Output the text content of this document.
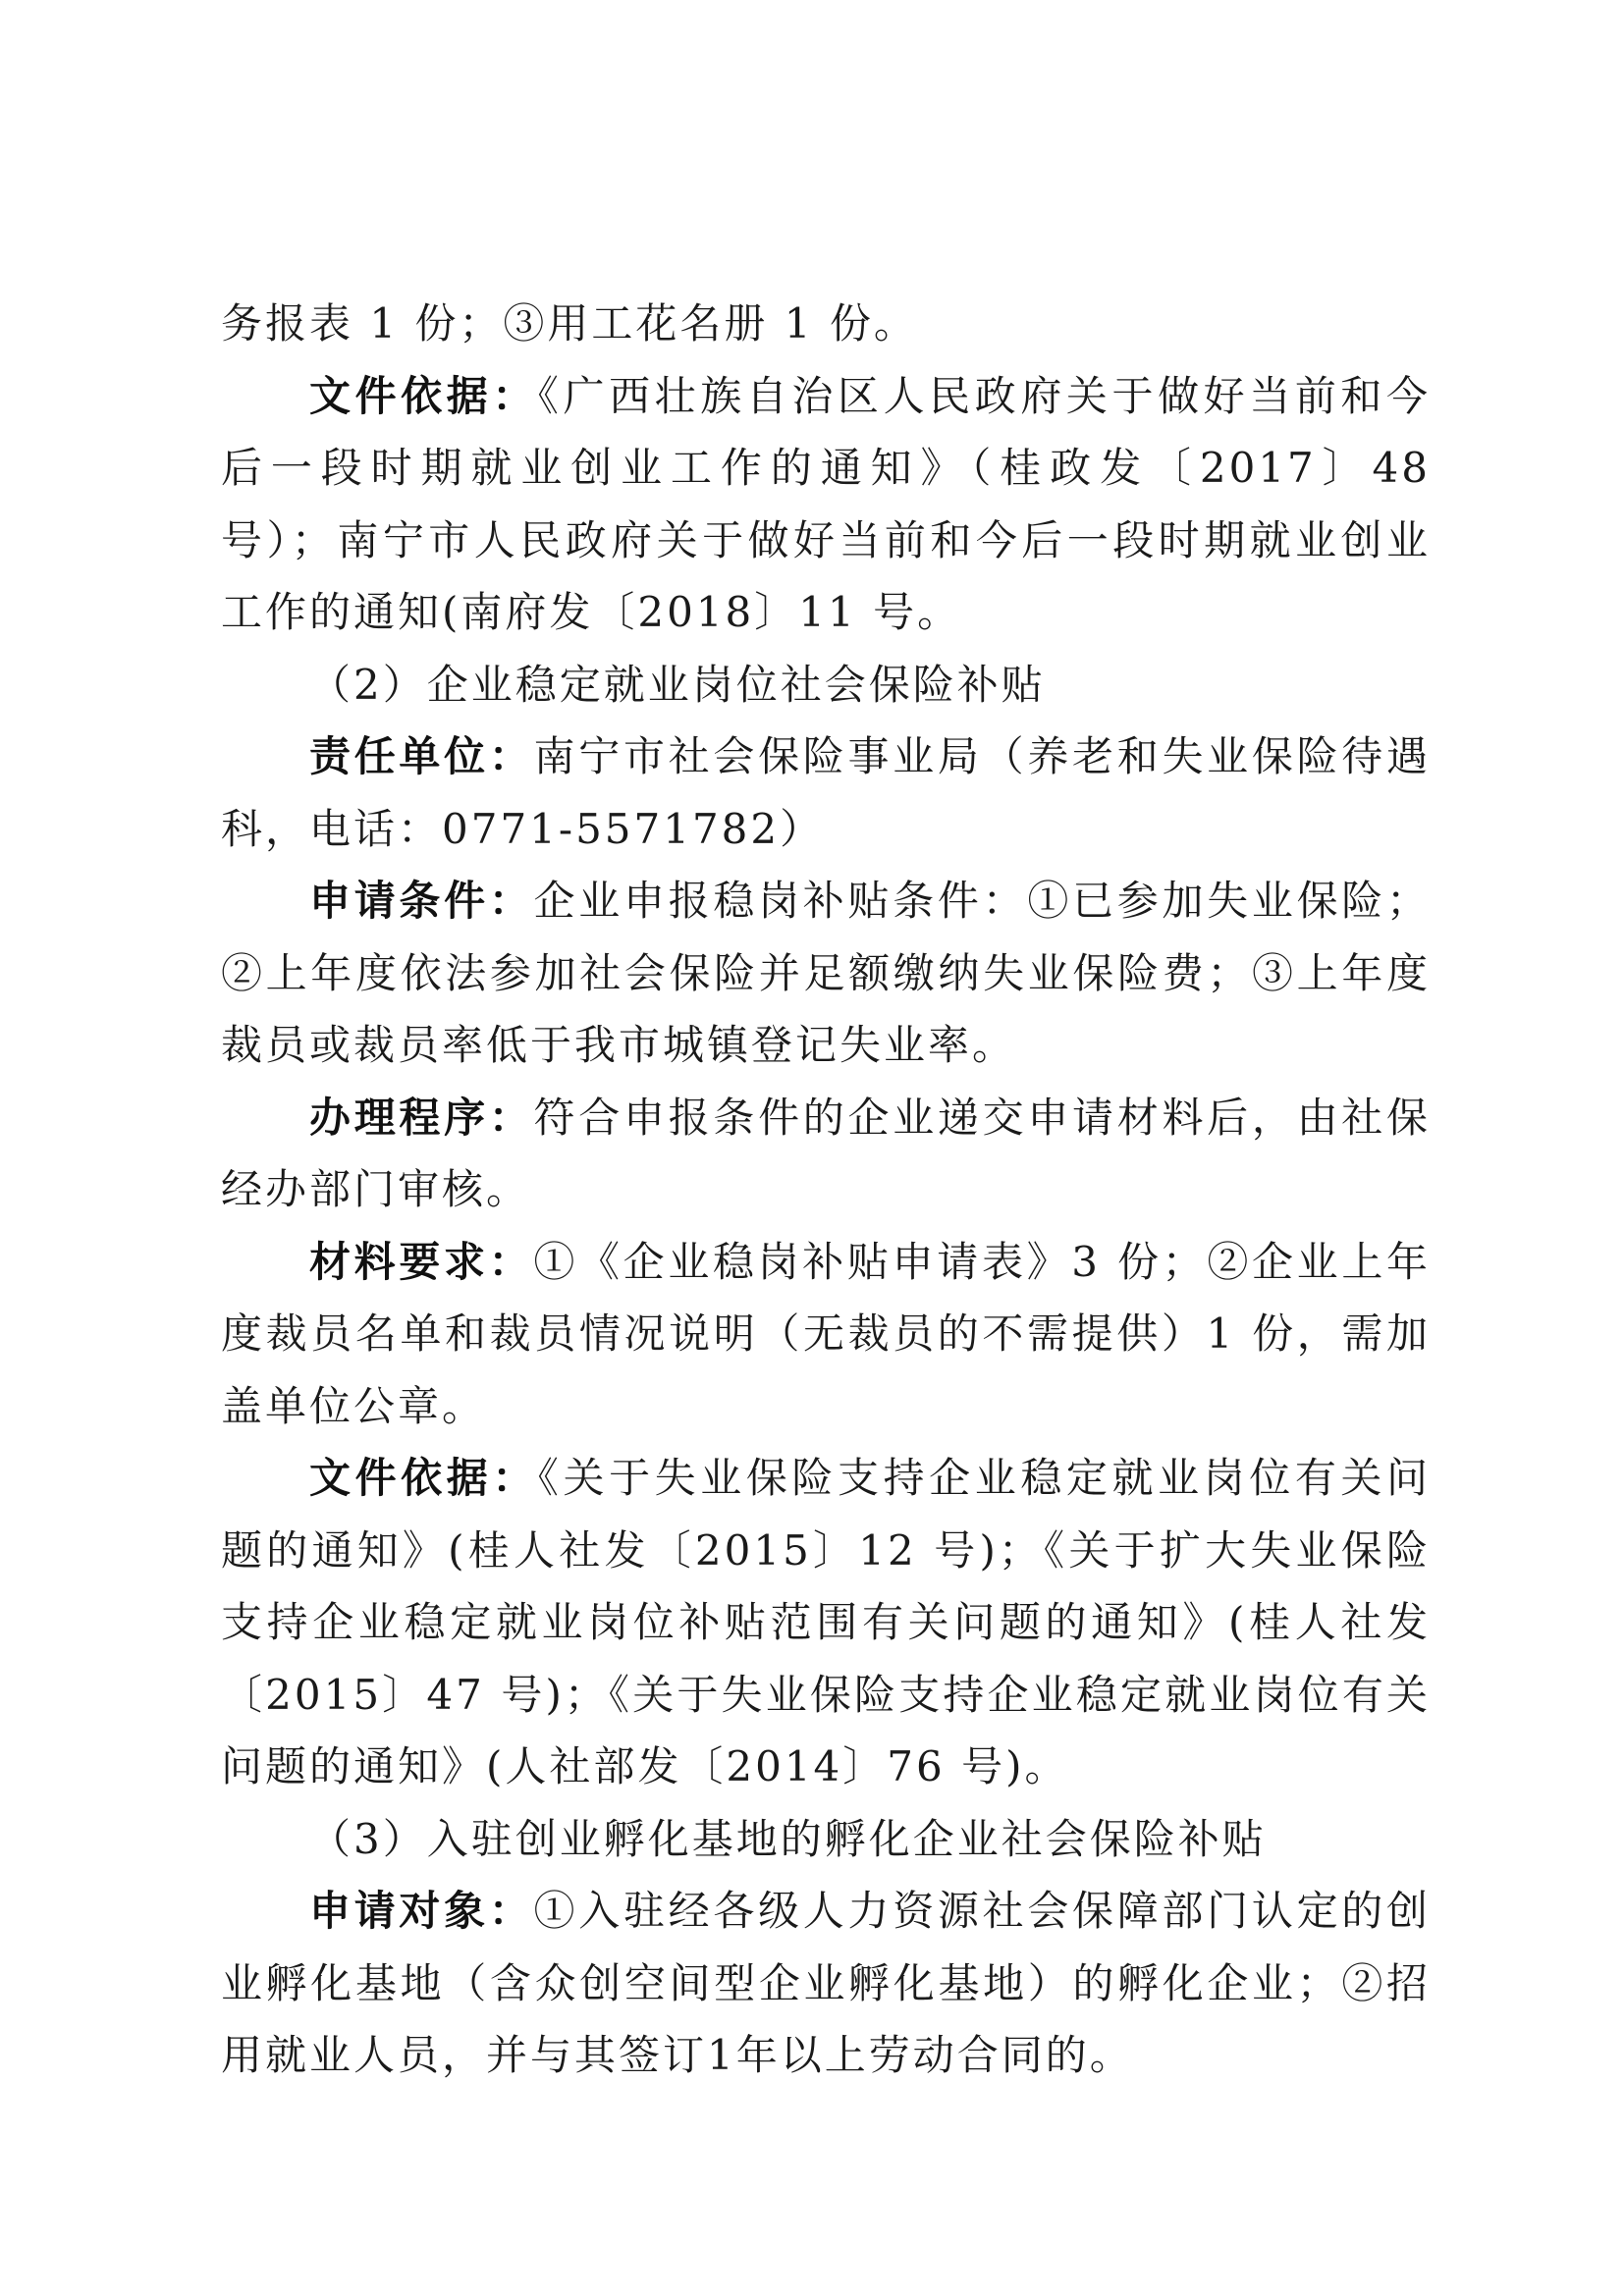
务报表 1 份；③用工花名册 1 份。

文件依据：《广西壮族自治区人民政府关于做好当前和今后一段时期就业创业工作的通知》（桂政发〔2017〕48 号）；南宁市人民政府关于做好当前和今后一段时期就业创业工作的通知(南府发〔2018〕11 号。

（2）企业稳定就业岗位社会保险补贴

责任单位：南宁市社会保险事业局（养老和失业保险待遇科，电话：0771-5571782）

申请条件：企业申报稳岗补贴条件：①已参加失业保险；②上年度依法参加社会保险并足额缴纳失业保险费；③上年度裁员或裁员率低于我市城镇登记失业率。

办理程序：符合申报条件的企业递交申请材料后，由社保经办部门审核。

材料要求：①《企业稳岗补贴申请表》3 份；②企业上年度裁员名单和裁员情况说明（无裁员的不需提供）1 份，需加盖单位公章。

文件依据：《关于失业保险支持企业稳定就业岗位有关问题的通知》(桂人社发〔2015〕12 号)；《关于扩大失业保险支持企业稳定就业岗位补贴范围有关问题的通知》(桂人社发〔2015〕47 号)；《关于失业保险支持企业稳定就业岗位有关问题的通知》(人社部发〔2014〕76 号)。

（3）入驻创业孵化基地的孵化企业社会保险补贴

申请对象：①入驻经各级人力资源社会保障部门认定的创业孵化基地（含众创空间型企业孵化基地）的孵化企业；②招用就业人员，并与其签订1年以上劳动合同的。
